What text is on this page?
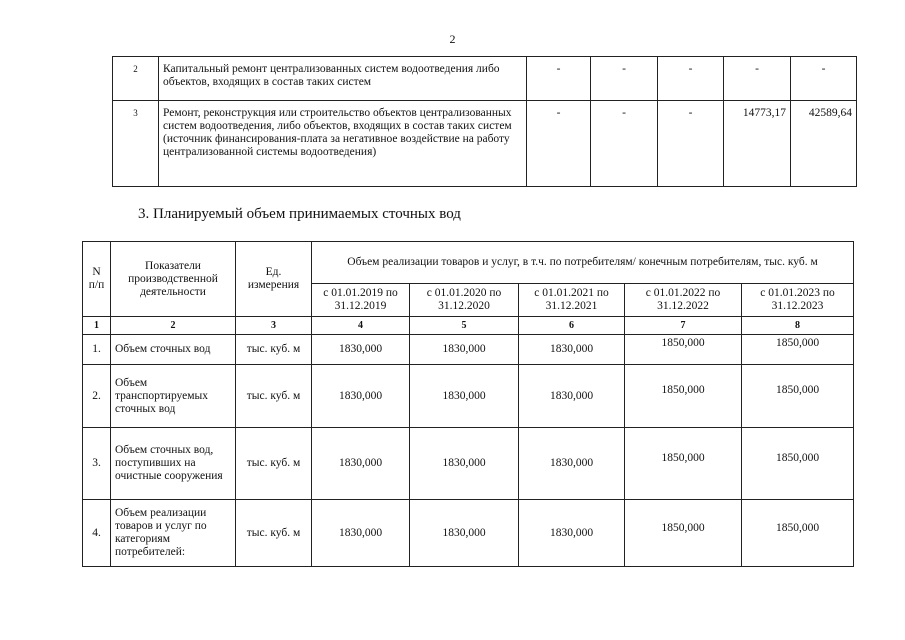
2
2	Капитальный ремонт централизованных систем водоотведения либо объектов, входящих в состав таких систем	-	-	-	-	-
3	Ремонт, реконструкция или строительство объектов централизованных систем водоотведения, либо объектов, входящих в состав таких систем (источник финансирования-плата за негативное воздействие на работу централизованной системы водоотведения)	-	-	-	14773,17	42589,64
3. Планируемый объем принимаемых сточных вод
N п/п	Показатели производственной деятельности	Ед. измерения	Объем реализации товаров и услуг, в т.ч. по потребителям/ конечным потребителям, тыс. куб. м				
			с 01.01.2019 по 31.12.2019	с 01.01.2020 по 31.12.2020	с 01.01.2021 по 31.12.2021	с 01.01.2022 по 31.12.2022	с 01.01.2023 по 31.12.2023
1	2	3	4	5	6	7	8
1.	Объем сточных вод	тыс. куб. м	1830,000	1830,000	1830,000	1850,000	1850,000
2.	Объем транспортируемых сточных вод	тыс. куб. м	1830,000	1830,000	1830,000	1850,000	1850,000
3.	Объем сточных вод, поступивших на очистные сооружения	тыс. куб. м	1830,000	1830,000	1830,000	1850,000	1850,000
4.	Объем реализации товаров и услуг по категориям потребителей:	тыс. куб. м	1830,000	1830,000	1830,000	1850,000	1850,000
